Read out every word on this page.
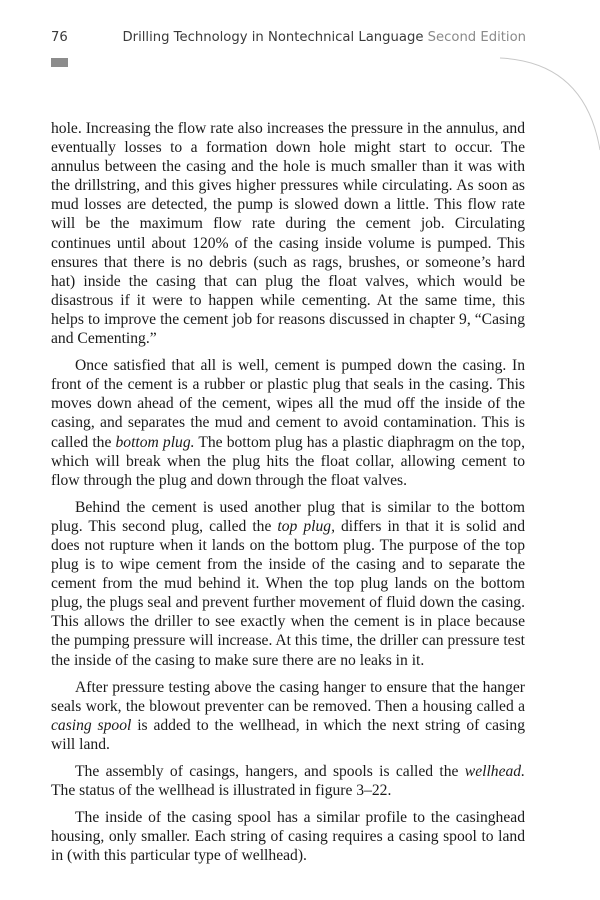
76	Drilling Technology in Nontechnical Language Second Edition

hole. Increasing the flow rate also increases the pressure in the annulus, and eventually losses to a formation down hole might start to occur. The annulus between the casing and the hole is much smaller than it was with the drillstring, and this gives higher pressures while circulating. As soon as mud losses are detected, the pump is slowed down a little. This flow rate will be the maximum flow rate during the cement job. Circulating continues until about 120% of the casing inside volume is pumped. This ensures that there is no debris (such as rags, brushes, or someone’s hard hat) inside the casing that can plug the float valves, which would be disastrous if it were to happen while cementing. At the same time, this helps to improve the cement job for reasons discussed in chapter 9, “Casing and Cementing.”

Once satisfied that all is well, cement is pumped down the casing. In front of the cement is a rubber or plastic plug that seals in the casing. This moves down ahead of the cement, wipes all the mud off the inside of the casing, and separates the mud and cement to avoid contamination. This is called the bottom plug. The bottom plug has a plastic diaphragm on the top, which will break when the plug hits the float collar, allowing cement to flow through the plug and down through the float valves.

Behind the cement is used another plug that is similar to the bottom plug. This second plug, called the top plug, differs in that it is solid and does not rupture when it lands on the bottom plug. The purpose of the top plug is to wipe cement from the inside of the casing and to separate the cement from the mud behind it. When the top plug lands on the bottom plug, the plugs seal and prevent further movement of fluid down the casing. This allows the driller to see exactly when the cement is in place because the pumping pressure will increase. At this time, the driller can pressure test the inside of the casing to make sure there are no leaks in it.

After pressure testing above the casing hanger to ensure that the hanger seals work, the blowout preventer can be removed. Then a housing called a casing spool is added to the wellhead, in which the next string of casing will land.

The assembly of casings, hangers, and spools is called the wellhead. The status of the wellhead is illustrated in figure 3–22.

The inside of the casing spool has a similar profile to the casinghead housing, only smaller. Each string of casing requires a casing spool to land in (with this particular type of wellhead).
